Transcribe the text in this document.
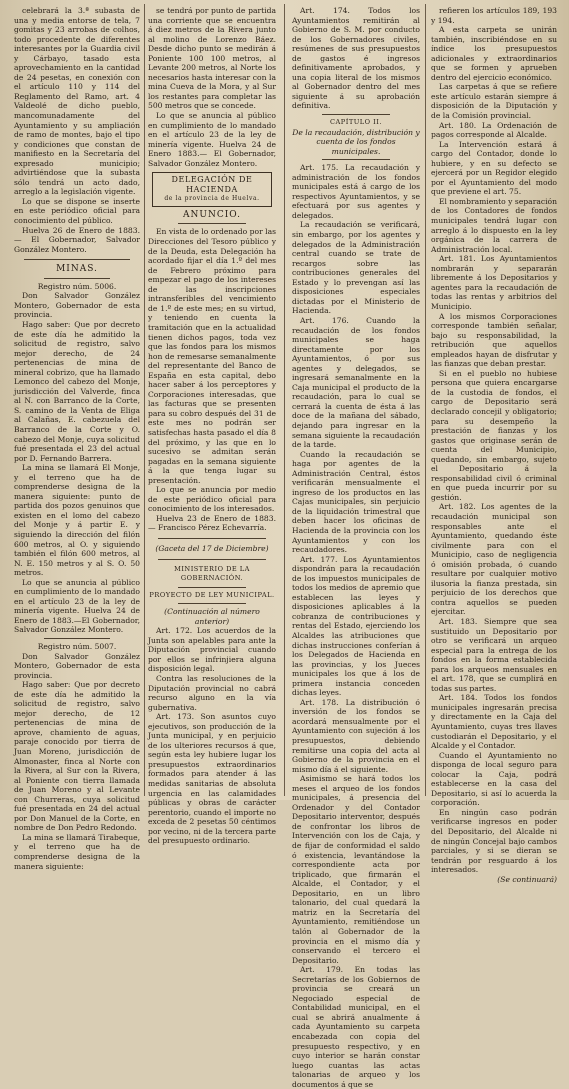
celebrará la 3.ª subasta de una y media entorse de tela, 7 gomitas y 23 arrobas de colhos, todo procedente de diferentes interesantes por la Guardia civil y Cárbayo, tasado esta aprovechamiento en la cantidad de 24 pesetas, en conexión con el artículo 110 y 114 del Reglamento del Ramo, art. 4 Valdeolé de dicho pueblo, mancomunadamente del Ayuntamiento y su ampliación de ramo de montes, bajo el tipo y condiciones que constan de manifiesto en la Secretaría del expresado municipio; advirtiéndose que la subasta sólo tendrá un acto dado, arreglo a la legislación vigente.

Lo que se dispone se inserte en este periódico oficial para conocimiento del público.

Huelva 26 de Enero de 1883.— El Gobernador, Salvador González Montero.

MINAS.
Registro núm. 5006.

Don Salvador González Montero, Gobernador de esta provincia.

Hago saber: Que por decreto de este día he admitido la solicitud de registro, salvo mejor derecho, de 24 pertenencias de mina de mineral cobrizo, que ha llamado Lemonco del cabezo del Monje, jurisdicción del Valverde, finca al N. con Barranco de la Corte, S. camino de la Venta de Eliga al Calañas, E. cabezuela del Barranco de la Corte y O. cabezo del Monje, cuya solicitud fué presentada el 23 del actual por D. Fernando Barrera.

La mina se llamará El Monje, y el terreno que ha de comprenderse designa de la manera siguiente: punto de partida dos pozos genuinos que existen en el lomo del cabezo del Monje y á partir E. y siguiendo la dirección del filón 600 metros, al O. y siguiendo también el filón 600 metros, al N. E. 150 metros y al S. O. 50 metros.

Lo que se anuncia al público en cumplimiento de lo mandado en el artículo 23 de la ley de minería vigente. Huelva 24 de Enero de 1883.—El Gobernador, Salvador González Montero.

Registro núm. 5007.

Don Salvador González Montero, Gobernador de esta provincia.

Hago saber: Que por decreto de este día he admitido la solicitud de registro, salvo mejor derecho, de 12 pertenencias de mina de aprove, chamiento de aguas, paraje conocido por tierra de Juan Moreno, jurisdicción de Almonaster, finca al Norte con la Rivera, al Sur con la Rivera, al Poniente con tierra llamada de Juan Moreno y al Levante con Churreras, cuya solicitud fué presentada en 24 del actual por Don Manuel de la Corte, en nombre de Don Pedro Redondo.

La mina se llamará Tirabeque, y el terreno que ha de comprenderse designa de la manera siguiente:

se tendrá por punto de partida una corriente que se encuentra á diez metros de la Rivera junto al molino de Lorenzo Báez. Desde dicho punto se medirán á Poniente 100 100 metros, al Levante 200 metros, al Norte los necesarios hasta interesar con la mina Cueva de la Mora, y al Sur los restantes para completar las 500 metros que se concede.

Lo que se anuncia al público en cumplimiento de lo mandado en el artículo 23 de la ley de minería vigente. Huelva 24 de Enero 1883.— El Gobernador, Salvador González Montero.

DELEGACIÓN DE HACIENDA
de la provincia de Huelva.
ANUNCIO.

En vista de lo ordenado por las Direcciones del Tesoro público y de la Deuda, esta Delegación ha acordado fijar el día 1.º del mes de Febrero próximo para empezar el pago de los intereses de las inscripciones intransferibles del vencimiento de 1.º de este mes; en su virtud, y teniendo en cuenta la tramitación que en la actualidad tienen dichos pagos, toda vez que las fondos para los mismos hon de remesarse semanalmente del representante del Banco de España en esta capital, debo hacer saber á los perceptores y Corporaciones interesadas, que las facturas que se presenten para su cobro después del 31 de este mes no podrán ser satisfechas hasta pasado el día 8 del próximo, y las que en lo sucesivo se admitan serán pagadas en la semana siguiente á la que tenga lugar su presentación.

Lo que se anuncia por medio de este periódico oficial para conocimiento de los interesados.

Huelva 23 de Enero de 1883.— Francisco Pérez Echevarría.

(Gaceta del 17 de Diciembre)
MINISTERIO DE LA GOBERNACIÓN.
PROYECTO DE LEY MUNICIPAL.
(Continuación al número anterior)

Art. 172. Los acuerdos de la Junta son apelables para ante la Diputación provincial cuando por ellos se infrinjiera alguna disposición legal.

Contra las resoluciones de la Diputación provincial no cabrá recurso alguno en la vía gubernativa.

Art. 173. Son asuntos cuyo ejecutivos, son producción de la Junta municipal, y en perjuicio de los ulteriores recursos á que, según esta ley hubiere lugar los presupuestos extraordinarios formados para atender á las medidas sanitarias de absoluta urgencia en las calamidades públicas y obras de carácter perentorio, cuando el importe no exceda de 2 pesetas 50 céntimos por vecino, ni de la tercera parte del presupuesto ordinario.

Art. 174. Todos los Ayuntamientos remitirán al Gobierno de S. M. por conducto de los Gobernadores civiles, resúmenes de sus presupuestos de gastos é ingresos definitivamente aprobados, y una copia literal de los mismos al Gobernador dentro del mes siguiente á su aprobación definitiva.

CAPÍTULO II.
De la recaudación, distribución y cuenta de los fondos municipales.

Art. 175. La recaudación y administración de los fondos municipales está á cargo de los respectivos Ayuntamientos, y se efectuará por sus agentes y delegados.

La recaudación se verificará, sin embargo, por los agentes y delegados de la Administración central cuando se trate de recargos sobre las contribuciones generales del Estado y lo prevengan así las disposiciones especiales dictadas por el Ministerio de Hacienda.

Art. 176. Cuando la recaudación de los fondos municipales se haga directamente por los Ayuntamientos, ó por sus agentes y delegados, se ingresará semanalmente en la Caja municipal el producto de la recaudación, para lo cual se cerrará la cuenta de ésta á las doce de la mañana del sábado, dejando para ingresar en la semana siguiente la recaudación de la tarde.

Cuando la recaudación se haga por agentes de la Administración Central, éstos verificarán mensualmente el ingreso de los productos en las Cajas municipales, sin perjuicio de la liquidación trimestral que deben hacer los oficinas de Hacienda de la provincia con los Ayuntamientos y con los recaudadores.

Art. 177. Los Ayuntamientos dispondrán para la recaudación de los impuestos municipales de todos los medios de apremio que establecen las leyes y disposiciones aplicables á la cobranza de contribuciones y rentas del Estado, ejerciendo los Alcaldes las atribuciones que dichas instrucciones conferían á los Delegados de Hacienda en las provincias, y los Jueces municipales los que á los de primera instancia conceden dichas leyes.

Art. 178. La distribución ó inversión de los fondos se acordará mensualmente por el Ayuntamiento con sujeción á los presupuestos, debiendo remitirse una copia del acta al Gobierno de la provincia en el mismo día á el siguiente.

Asimismo se hará todos los meses el arqueo de los fondos municipales, á presencia del Ordenador y del Contador Depositario interventor, después de confrontar los libros de Intervención con los de Caja, y de fijar de conformidad el saldo ó existencia, levantándose la correspondiente acta por triplicado, que firmarán el Alcalde, el Contador, y el Depositario, en un libro talonario, del cual quedará la matriz en la Secretaría del Ayuntamiento, remitiéndose un talón al Gobernador de la provincia en el mismo día y conservando el tercero el Depositario.

Art. 179. En todas las Secretarías de los Gobiernos de provincia se creará un Negociado especial de Contabilidad municipal, en el cual se abrirá anualmente á cada Ayuntamiento su carpeta encabezada con copia del presupuesto respectivo, y en cuyo interior se harán constar luego cuantas las actas talonarias de arqueo y los documentos á que se

refieren los artículos 189, 193 y 194.

A esta carpeta se unirán también, inscribiéndose en su índice los presupuestos adicionales y extraordinarios que se formen y aprueben dentro del ejercicio económico.

Las carpetas á que se refiere este artículo estarán siempre á disposición de la Diputación y de la Comisión provincial.

Art. 180. La Ordenación de pagos corresponde al Alcalde.

La Intervención estará á cargo del Contador, donde lo hubiere, y en su defecto se ejercerá por un Regidor elegido por el Ayuntamiento del modo que previene el art. 75.

El nombramiento y separación de los Contadores de fondos municipales tendrá lugar con arreglo á lo dispuesto en la ley orgánica de la carrera de Administración local.

Art. 181. Los Ayuntamientos nombrarán y separarán libremente á los Depositarios y agentes para la recaudación de todas las rentas y arbitrios del Municipio.

A los mismos Corporaciones corresponde también señalar, bajo su responsabilidad, la retribución que aquellos empleados hayan de disfrutar y las fianzas que deban prestar.

Si en el pueblo no hubiese persona que quiera encargarse de la custodia de fondos, el cargo de Depositario será declarado concejil y obligatorio; para su desempeño la prestación de fianzas y los gastos que originase serán de cuenta del Municipio, quedando, sin embargo, sujeto el Depositario á la responsabilidad civil ó criminal en que pueda incurrir por su gestión.

Art. 182. Los agentes de la recaudación municipal son responsables ante el Ayuntamiento, quedando éste civilmente para con el Municipio, caso de negligencia ó omisión probada, ó cuando resultare por cualquier motivo ilusoria la fianza prestada, sin perjuicio de los derechos que contra aquellos se pueden ejercitar.

Art. 183. Siempre que sea sustituido un Depositario por otro se verificará un arqueo especial para la entrega de los fondos en la forma establecida para los arqueos mensuales en el art. 178, que se cumplirá en todas sus partes.

Art. 184. Todos los fondos municipales ingresarán precisa y directamente en la Caja del Ayuntamiento, cuyas tres llaves custodiarán el Depositario, y el Alcalde y el Contador.

Cuando el Ayuntamiento no disponga de local seguro para colocar la Caja, podrá establecerse en la casa del Depositario, si así lo acuerda la corporación.

En ningún caso podrán verificarse ingresos en poder del Depositario, del Alcalde ni de ningún Concejal bajo cambos parciales, y si se dieran se tendrán por resguardo á los interesados.

(Se continuará)
